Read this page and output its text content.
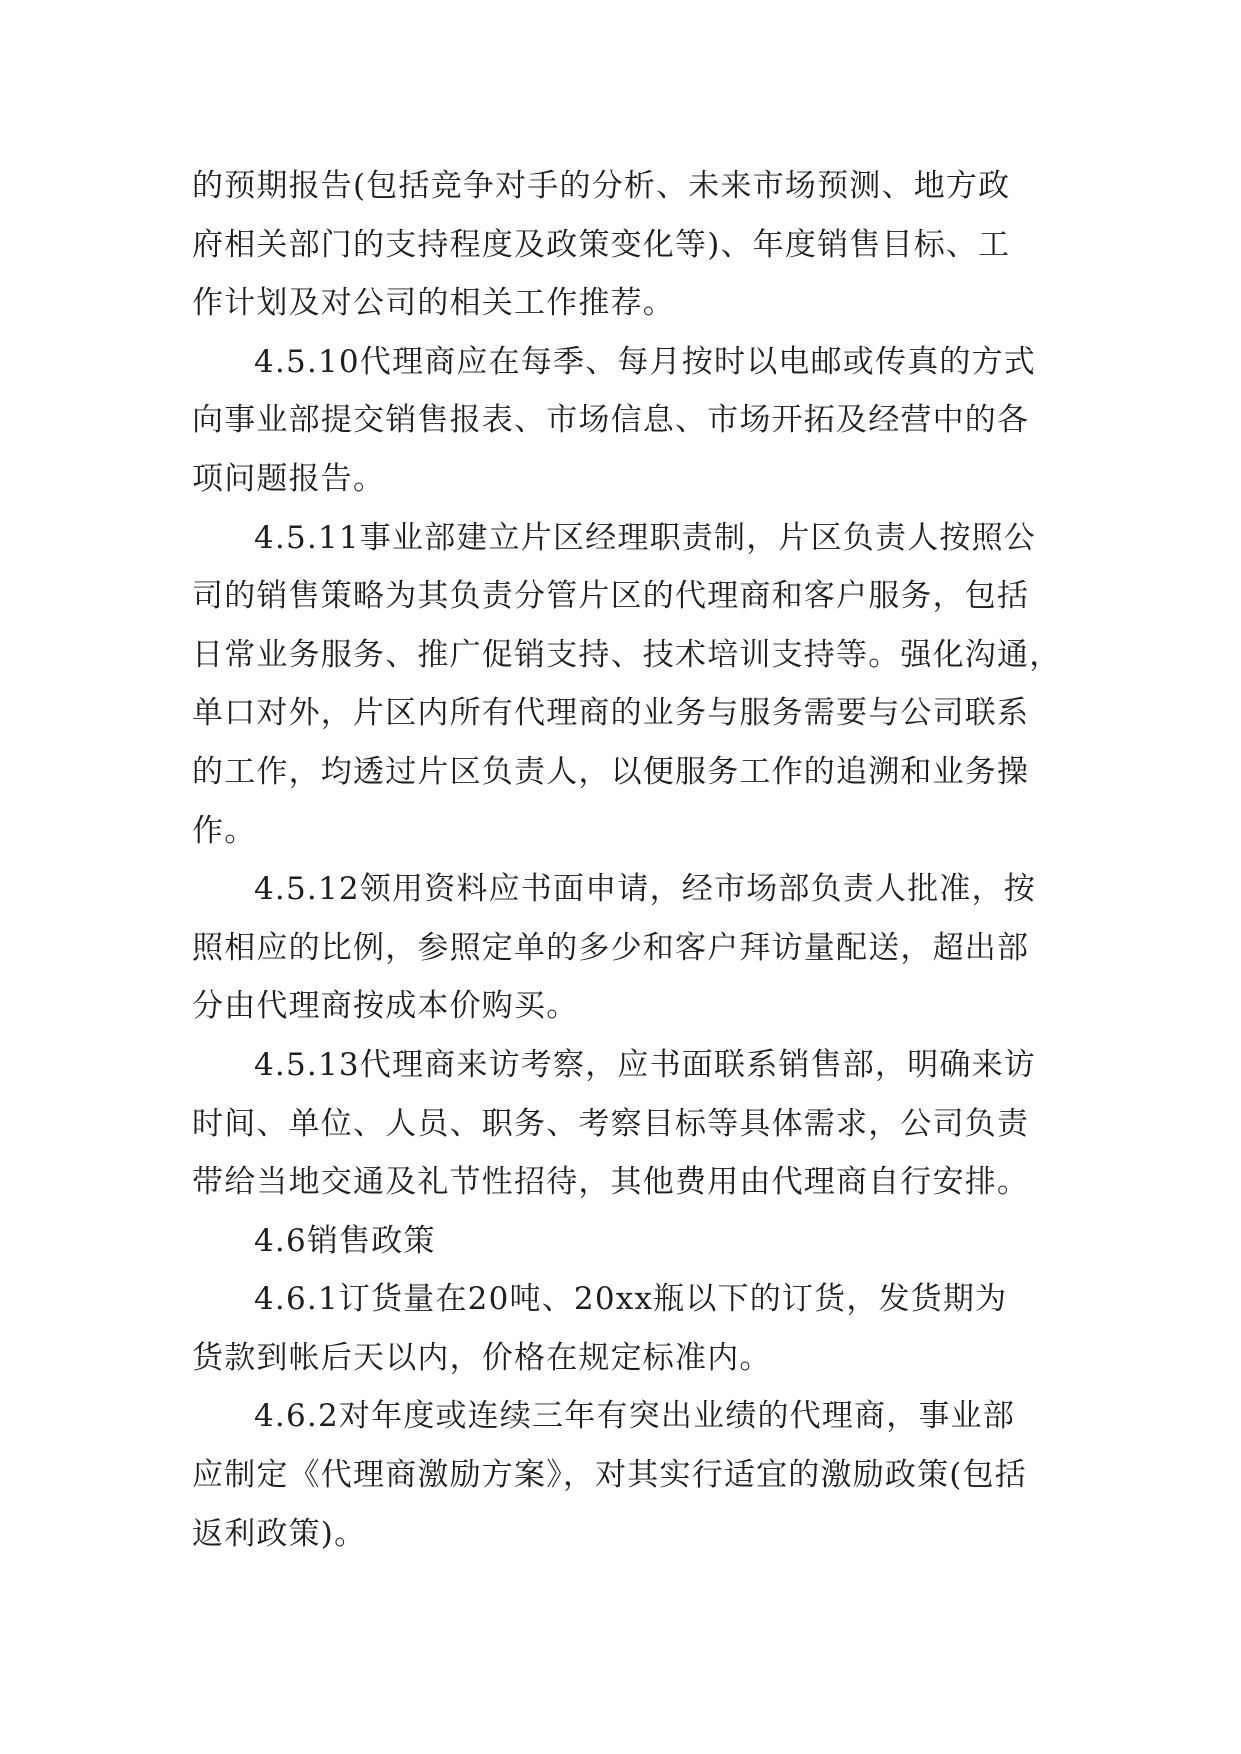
的预期报告(包括竞争对手的分析、未来市场预测、地方政
府相关部门的支持程度及政策变化等)、年度销售目标、工
作计划及对公司的相关工作推荐。

4.5.10代理商应在每季、每月按时以电邮或传真的方式
向事业部提交销售报表、市场信息、市场开拓及经营中的各
项问题报告。

4.5.11事业部建立片区经理职责制，片区负责人按照公
司的销售策略为其负责分管片区的代理商和客户服务，包括
日常业务服务、推广促销支持、技术培训支持等。强化沟通，
单口对外，片区内所有代理商的业务与服务需要与公司联系
的工作，均透过片区负责人，以便服务工作的追溯和业务操
作。

4.5.12领用资料应书面申请，经市场部负责人批准，按
照相应的比例，参照定单的多少和客户拜访量配送，超出部
分由代理商按成本价购买。

4.5.13代理商来访考察，应书面联系销售部，明确来访
时间、单位、人员、职务、考察目标等具体需求，公司负责
带给当地交通及礼节性招待，其他费用由代理商自行安排。

4.6销售政策

4.6.1订货量在20吨、20xx瓶以下的订货，发货期为
货款到帐后天以内，价格在规定标准内。

4.6.2对年度或连续三年有突出业绩的代理商，事业部
应制定《代理商激励方案》，对其实行适宜的激励政策(包括
返利政策)。
